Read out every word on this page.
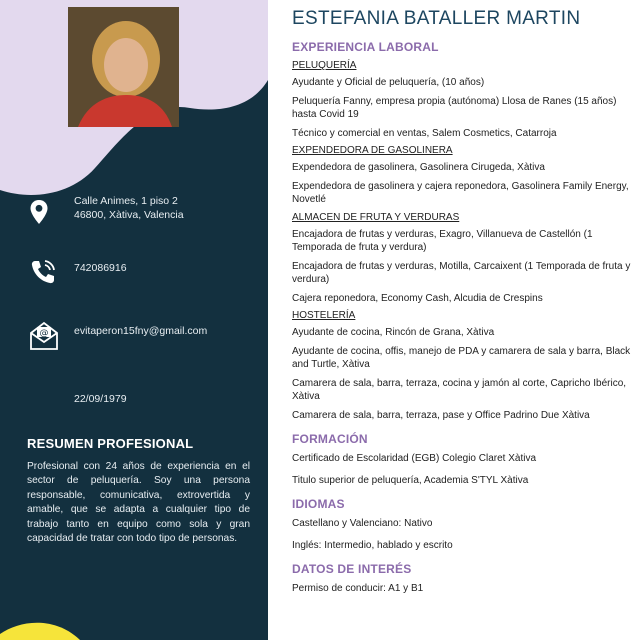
Calle Animes, 1 piso 2
46800, Xàtiva, Valencia
742086916
@ evitaperon15fny@gmail.com
22/09/1979
RESUMEN PROFESIONAL
Profesional con 24 años de experiencia en el sector de peluquería. Soy una persona responsable, comunicativa, extrovertida y amable, que se adapta a cualquier tipo de trabajo tanto en equipo como sola y gran capacidad de tratar con todo tipo de personas.
ESTEFANIA BATALLER MARTIN
EXPERIENCIA LABORAL
PELUQUERÍA
Ayudante y Oficial de peluquería, (10 años)
Peluquería Fanny, empresa propia (autónoma) Llosa de Ranes (15 años) hasta Covid 19
Técnico y comercial en ventas, Salem Cosmetics, Catarroja
EXPENDEDORA DE GASOLINERA
Expendedora de gasolinera, Gasolinera Cirugeda, Xàtiva
Expendedora de gasolinera y cajera reponedora, Gasolinera Family Energy, Novetlé
ALMACEN DE FRUTA Y VERDURAS
Encajadora de frutas y verduras, Exagro, Villanueva de Castellón (1 Temporada de fruta y verdura)
Encajadora de frutas y verduras, Motilla, Carcaixent (1 Temporada de fruta y verdura)
Cajera reponedora, Economy Cash, Alcudia de Crespins
HOSTELERÍA
Ayudante de cocina, Rincón de Grana, Xàtiva
Ayudante de cocina, offis, manejo de PDA y camarera de sala y barra, Black and Turtle, Xàtiva
Camarera de sala, barra, terraza, cocina y jamón al corte, Capricho Ibérico, Xàtiva
Camarera de sala, barra, terraza, pase y Office Padrino Due Xàtiva
FORMACIÓN
Certificado de Escolaridad (EGB) Colegio Claret Xàtiva
Titulo superior de peluquería, Academia S'TYL Xàtiva
IDIOMAS
Castellano y Valenciano: Nativo
Inglés: Intermedio, hablado y escrito
DATOS DE INTERÉS
Permiso de conducir: A1 y B1
